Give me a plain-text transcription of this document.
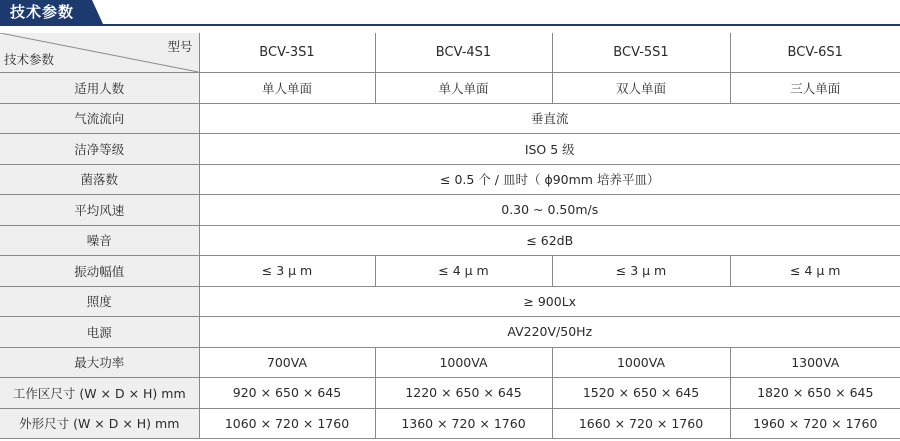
技术参数
型号
技术参数	BCV-3S1	BCV-4S1	BCV-5S1	BCV-6S1
适用人数	单人单面	单人单面	双人单面	三人单面
气流流向	垂直流			
洁净等级	ISO 5 级			
菌落数	≤ 0.5 个 / 皿时（ ɸ90mm 培养平皿）			
平均风速	0.30 ~ 0.50m/s			
噪音	≤ 62dB			
振动幅值	≤ 3 μ m	≤ 4 μ m	≤ 3 μ m	≤ 4 μ m
照度	≥ 900Lx			
电源	AV220V/50Hz			
最大功率	700VA	1000VA	1000VA	1300VA
工作区尺寸 (W × D × H) mm	920 × 650 × 645	1220 × 650 × 645	1520 × 650 × 645	1820 × 650 × 645
外形尺寸 (W × D × H) mm	1060 × 720 × 1760	1360 × 720 × 1760	1660 × 720 × 1760	1960 × 720 × 1760
